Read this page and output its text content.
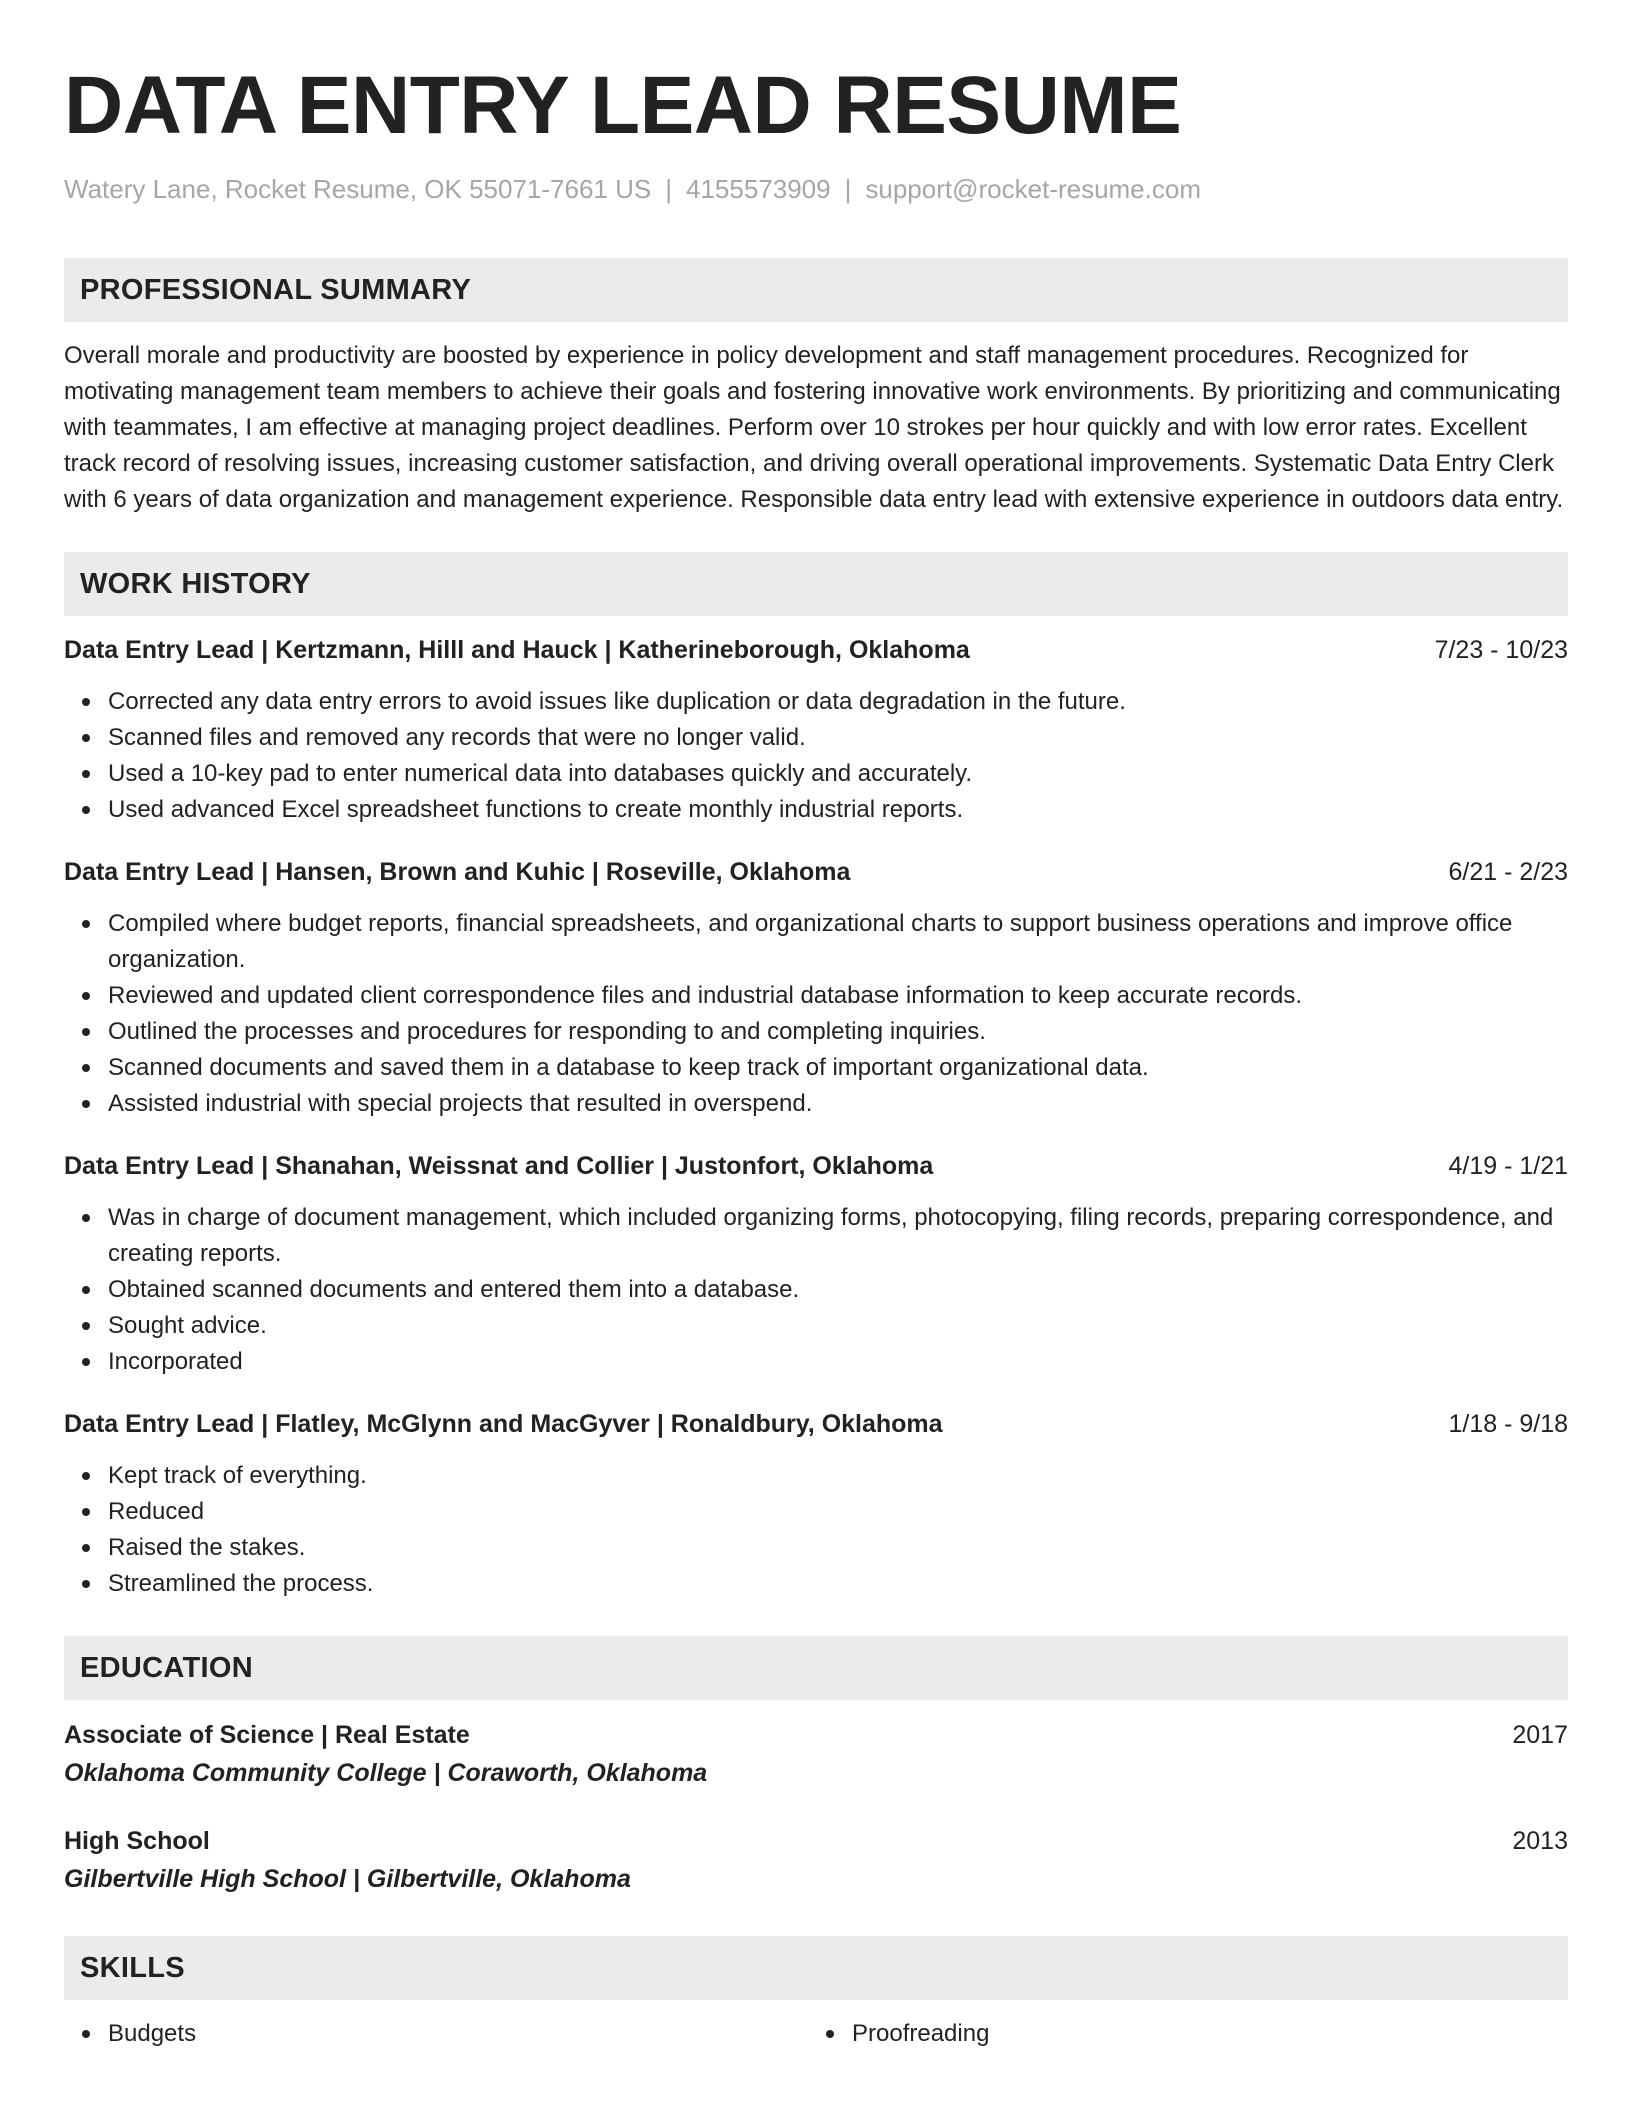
DATA ENTRY LEAD RESUME
Watery Lane, Rocket Resume, OK 55071-7661 US | 4155573909 | support@rocket-resume.com
PROFESSIONAL SUMMARY

Overall morale and productivity are boosted by experience in policy development and staff management procedures. Recognized for motivating management team members to achieve their goals and fostering innovative work environments. By prioritizing and communicating with teammates, I am effective at managing project deadlines. Perform over 10 strokes per hour quickly and with low error rates. Excellent track record of resolving issues, increasing customer satisfaction, and driving overall operational improvements. Systematic Data Entry Clerk with 6 years of data organization and management experience. Responsible data entry lead with extensive experience in outdoors data entry.

WORK HISTORY
Data Entry Lead | Kertzmann, Hilll and Hauck | Katherineborough, Oklahoma	7/23 - 10/23
Corrected any data entry errors to avoid issues like duplication or data degradation in the future.
Scanned files and removed any records that were no longer valid.
Used a 10-key pad to enter numerical data into databases quickly and accurately.
Used advanced Excel spreadsheet functions to create monthly industrial reports.
Data Entry Lead | Hansen, Brown and Kuhic | Roseville, Oklahoma	6/21 - 2/23
Compiled where budget reports, financial spreadsheets, and organizational charts to support business operations and improve office organization.
Reviewed and updated client correspondence files and industrial database information to keep accurate records.
Outlined the processes and procedures for responding to and completing inquiries.
Scanned documents and saved them in a database to keep track of important organizational data.
Assisted industrial with special projects that resulted in overspend.
Data Entry Lead | Shanahan, Weissnat and Collier | Justonfort, Oklahoma	4/19 - 1/21
Was in charge of document management, which included organizing forms, photocopying, filing records, preparing correspondence, and creating reports.
Obtained scanned documents and entered them into a database.
Sought advice.
Incorporated
Data Entry Lead | Flatley, McGlynn and MacGyver | Ronaldbury, Oklahoma	1/18 - 9/18
Kept track of everything.
Reduced
Raised the stakes.
Streamlined the process.
EDUCATION
Associate of Science | Real Estate	2017
Oklahoma Community College | Coraworth, Oklahoma
High School	2013
Gilbertville High School | Gilbertville, Oklahoma
SKILLS
Budgets	Proofreading
